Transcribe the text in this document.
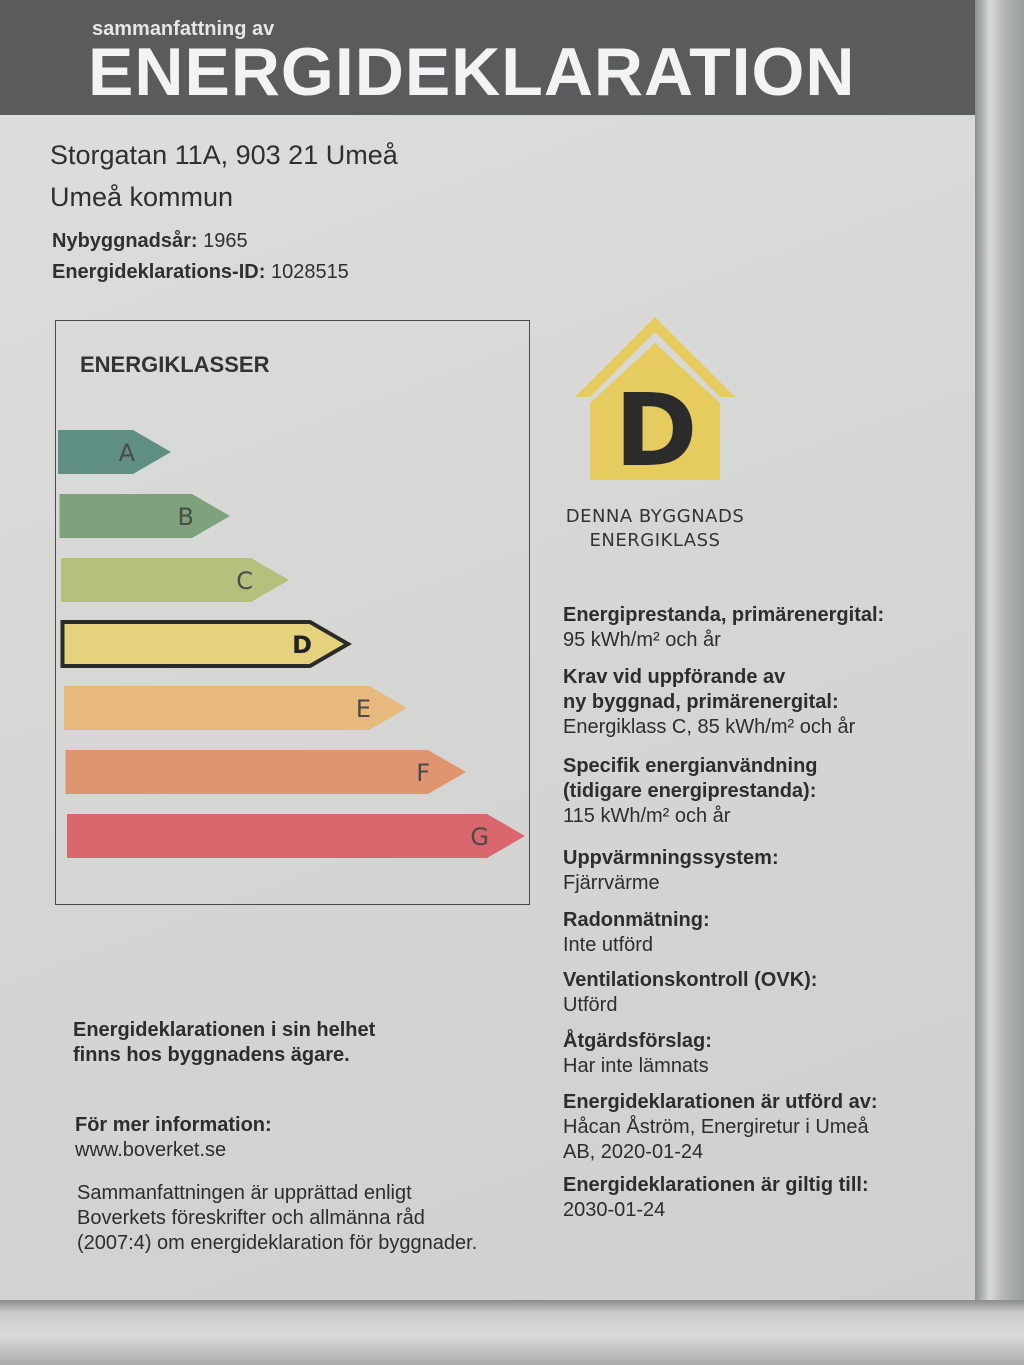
sammanfattning av
ENERGIDEKLARATION
Storgatan 11A, 903 21 Umeå
Umeå kommun
Nybyggnadsår: 1965
Energideklarations-ID: 1028515
ENERGIKLASSER
A
B
C
D
E
F
G
D
DENNA BYGGNADS
ENERGIKLASS
Energiprestanda, primärenergital:
95 kWh/m² och år
Krav vid uppförande av
ny byggnad, primärenergital:
Energiklass C, 85 kWh/m² och år
Specifik energianvändning
(tidigare energiprestanda):
115 kWh/m² och år
Uppvärmningssystem:
Fjärrvärme
Radonmätning:
Inte utförd
Ventilationskontroll (OVK):
Utförd
Åtgärdsförslag:
Har inte lämnats
Energideklarationen är utförd av:
Håcan Åström, Energiretur i Umeå
AB, 2020-01-24
Energideklarationen är giltig till:
2030-01-24
Energideklarationen i sin helhet
finns hos byggnadens ägare.
För mer information:
www.boverket.se
Sammanfattningen är upprättad enligt
Boverkets föreskrifter och allmänna råd
(2007:4) om energideklaration för byggnader.
